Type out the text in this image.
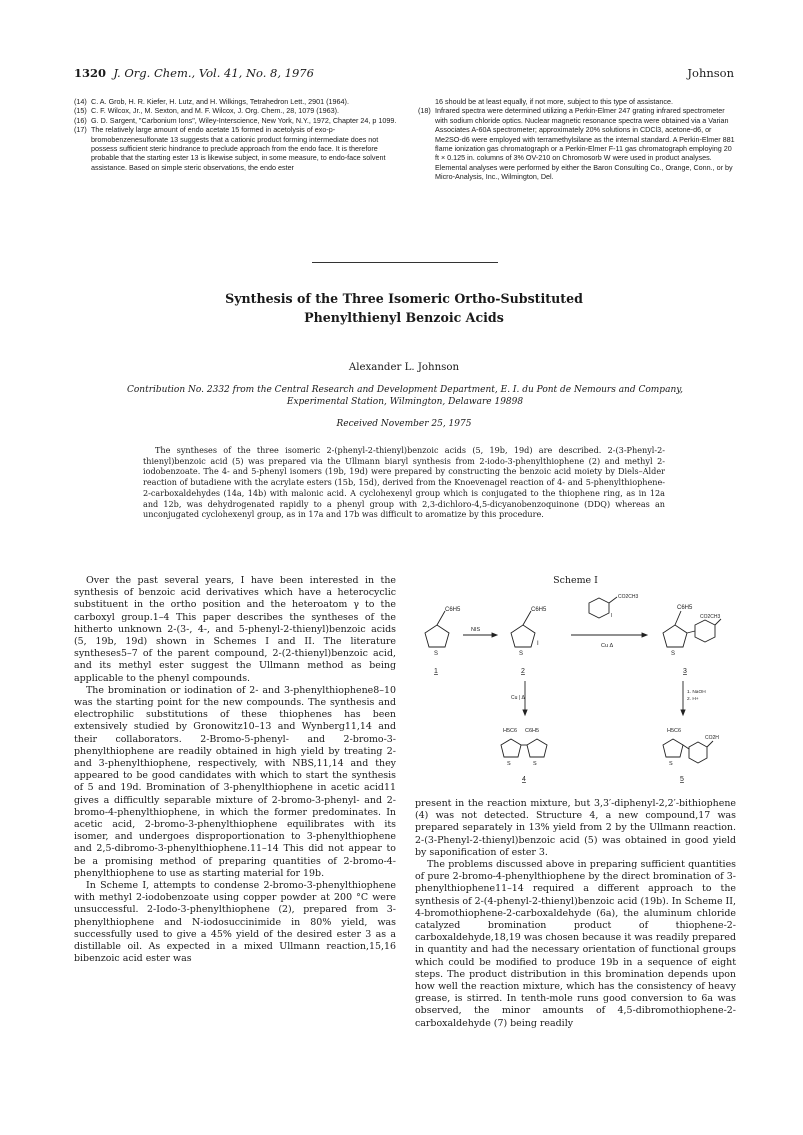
1320 J. Org. Chem., Vol. 41, No. 8, 1976	Johnson

(14) C. A. Grob, H. R. Kiefer, H. Lutz, and H. Wilkings, Tetrahedron Lett., 2901 (1964).

(15) C. F. Wilcox, Jr., M. Sexton, and M. F. Wilcox, J. Org. Chem., 28, 1079 (1963).

(16) G. D. Sargent, "Carbonium Ions", Wiley-Interscience, New York, N.Y., 1972, Chapter 24, p 1099.

(17) The relatively large amount of endo acetate 15 formed in acetolysis of exo-p-bromobenzenesulfonate 13 suggests that a cationic product forming intermediate does not possess sufficient steric hindrance to preclude approach from the endo face. It is therefore probable that the starting ester 13 is likewise subject, in some measure, to endo-face solvent assistance. Based on simple steric observations, the endo ester

16 should be at least equally, if not more, subject to this type of assistance.

(18) Infrared spectra were determined utilizing a Perkin-Elmer 247 grating infrared spectrometer with sodium chloride optics. Nuclear magnetic resonance spectra were obtained via a Varian Associates A-60A spectrometer; approximately 20% solutions in CDCl3, acetone-d6, or Me2SO-d6 were employed with terramethylsilane as the internal standard. A Perkin-Elmer 881 flame ionization gas chromatograph or a Perkin-Elmer F-11 gas chromatograph employing 20 ft × 0.125 in. columns of 3% OV-210 on Chromosorb W were used in product analyses. Elemental analyses were performed by either the Baron Consulting Co., Orange, Conn., or by Micro-Analysis, Inc., Wilmington, Del.

Synthesis of the Three Isomeric Ortho-Substituted
Phenylthienyl Benzoic Acids
Alexander L. Johnson
Contribution No. 2332 from the Central Research and Development Department, E. I. du Pont de Nemours and Company, Experimental Station, Wilmington, Delaware 19898
Received November 25, 1975

The syntheses of the three isomeric 2-(phenyl-2-thienyl)benzoic acids (5, 19b, 19d) are described. 2-(3-Phenyl-2-thienyl)benzoic acid (5) was prepared via the Ullmann biaryl synthesis from 2-iodo-3-phenylthiophene (2) and methyl 2-iodobenzoate. The 4- and 5-phenyl isomers (19b, 19d) were prepared by constructing the benzoic acid moiety by Diels–Alder reaction of butadiene with the acrylate esters (15b, 15d), derived from the Knoevenagel reaction of 4- and 5-phenylthiophene-2-carboxaldehydes (14a, 14b) with malonic acid. A cyclohexenyl group which is conjugated to the thiophene ring, as in 12a and 12b, was dehydrogenated rapidly to a phenyl group with 2,3-dichloro-4,5-dicyanobenzoquinone (DDQ) whereas an unconjugated cyclohexenyl group, as in 17a and 17b was difficult to aromatize by this procedure.

Over the past several years, I have been interested in the synthesis of benzoic acid derivatives which have a heterocyclic substituent in the ortho position and the heteroatom γ to the carboxyl group.1–4 This paper describes the syntheses of the hitherto unknown 2-(3-, 4-, and 5-phenyl-2-thienyl)benzoic acids (5, 19b, 19d) shown in Schemes I and II. The literature syntheses5–7 of the parent compound, 2-(2-thienyl)benzoic acid, and its methyl ester suggest the Ullmann method as being applicable to the phenyl compounds.

The bromination or iodination of 2- and 3-phenylthiophene8–10 was the starting point for the new compounds. The synthesis and electrophilic substitutions of these thiophenes has been extensively studied by Gronowitz10–13 and Wynberg11,14 and their collaborators. 2-Bromo-5-phenyl- and 2-bromo-3-phenylthiophene are readily obtained in high yield by treating 2- and 3-phenylthiophene, respectively, with NBS,11,14 and they appeared to be good candidates with which to start the synthesis of 5 and 19d. Bromination of 3-phenylthiophene in acetic acid11 gives a difficultly separable mixture of 2-bromo-3-phenyl- and 2-bromo-4-phenylthiophene, in which the former predominates. In acetic acid, 2-bromo-3-phenylthiophene equilibrates with its isomer, and undergoes disproportionation to 3-phenylthiophene and 2,5-dibromo-3-phenylthiophene.11–14 This did not appear to be a promising method of preparing quantities of 2-bromo-4-phenylthiophene to use as starting material for 19b.

In Scheme I, attempts to condense 2-bromo-3-phenylthiophene with methyl 2-iodobenzoate using copper powder at 200 °C were unsuccessful. 2-Iodo-3-phenylthiophene (2), prepared from 3-phenylthiophene and N-iodosuccinimide in 80% yield, was successfully used to give a 45% yield of the desired ester 3 as a distillable oil. As expected in a mixed Ullmann reaction,15,16 bibenzoic acid ester was

Scheme I
C6H5
S
1
NIS
C6H5
I
S
2
CO2CH3
I
Cu Δ
C6H5
CO2CH3
S
3
Cu | Δ
1. NaOH
2. H+
H5C6 C6H5
S	S
4
H5C6
CO2H
S
5

present in the reaction mixture, but 3,3′-diphenyl-2,2′-bithiophene (4) was not detected. Structure 4, a new compound,17 was prepared separately in 13% yield from 2 by the Ullmann reaction. 2-(3-Phenyl-2-thienyl)benzoic acid (5) was obtained in good yield by saponification of ester 3.

The problems discussed above in preparing sufficient quantities of pure 2-bromo-4-phenylthiophene by the direct bromination of 3-phenylthiophene11–14 required a different approach to the synthesis of 2-(4-phenyl-2-thienyl)benzoic acid (19b). In Scheme II, 4-bromothiophene-2-carboxaldehyde (6a), the aluminum chloride catalyzed bromination product of thiophene-2-carboxaldehyde,18,19 was chosen because it was readily prepared in quantity and had the necessary orientation of functional groups which could be modified to produce 19b in a sequence of eight steps. The product distribution in this bromination depends upon how well the reaction mixture, which has the consistency of heavy grease, is stirred. In tenth-mole runs good conversion to 6a was observed, the minor amounts of 4,5-dibromothiophene-2-carboxaldehyde (7) being readily
